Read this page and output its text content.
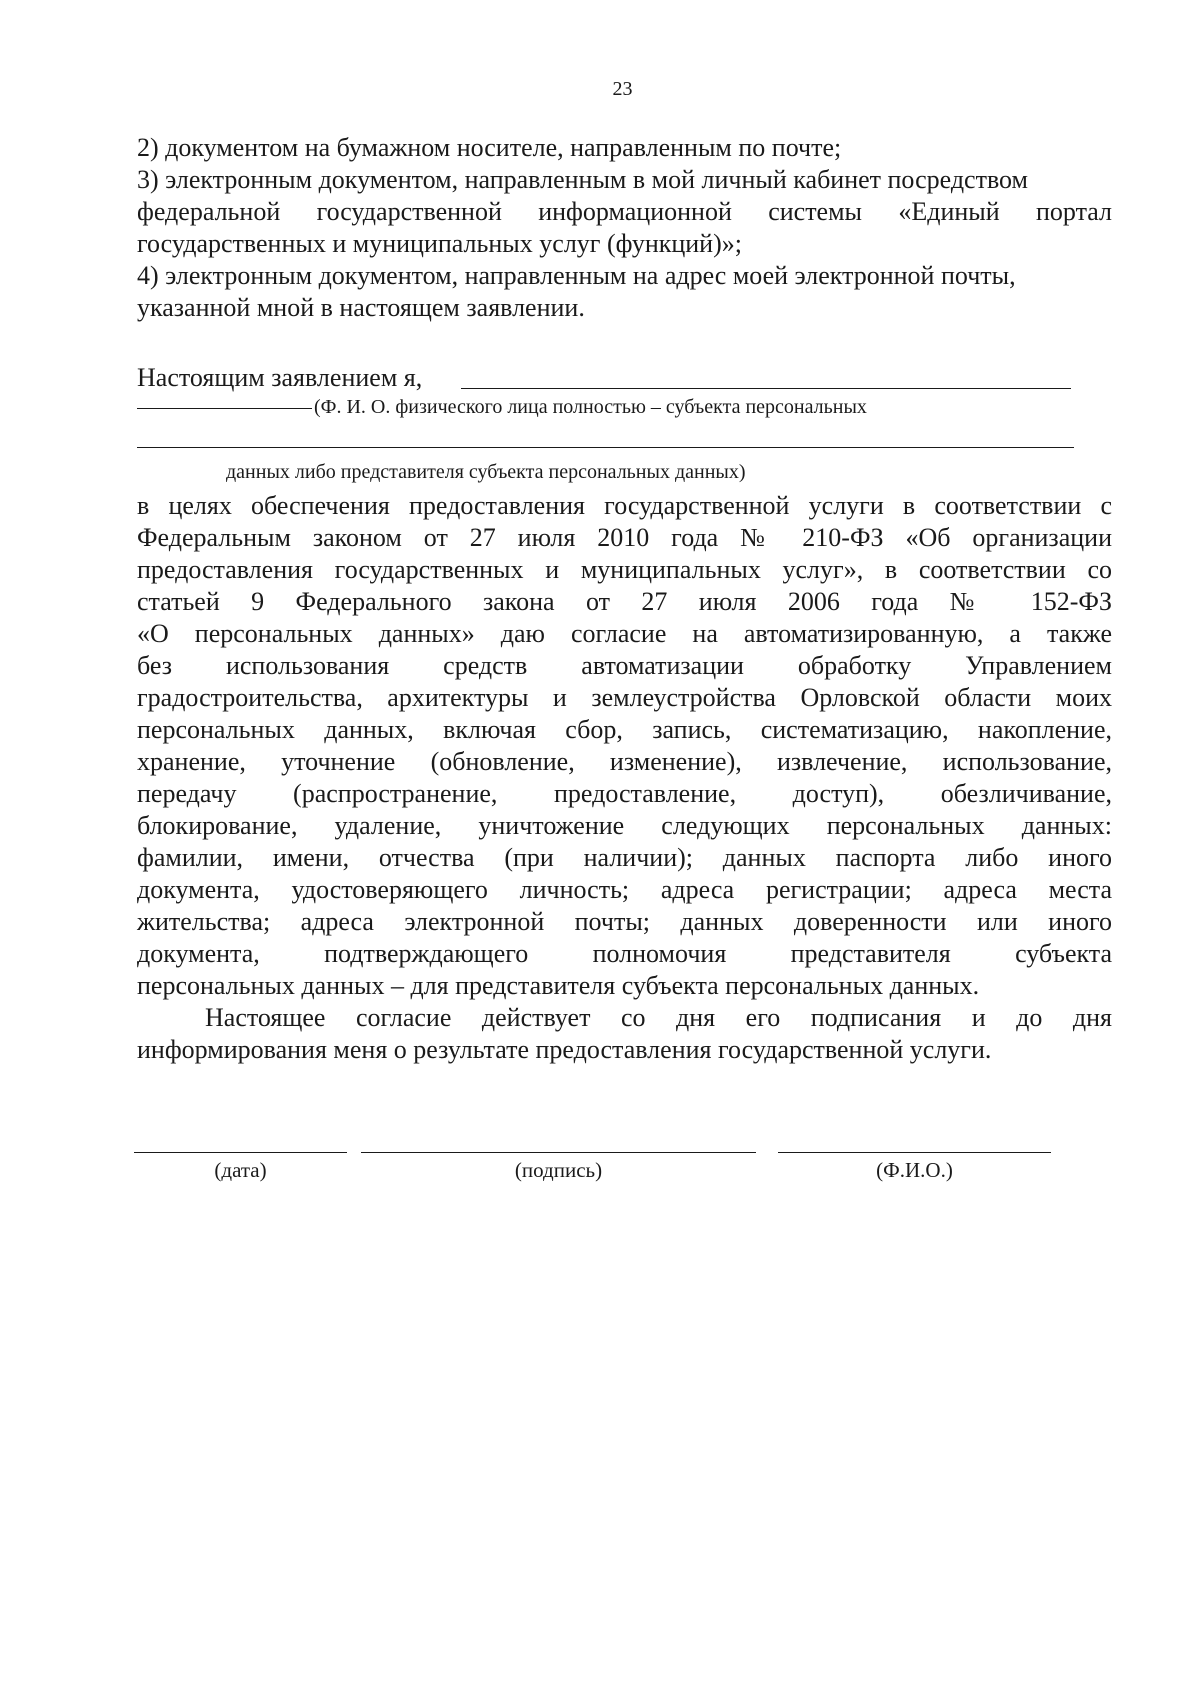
23
2) документом на бумажном носителе, направленным по почте;
3) электронным документом, направленным в мой личный кабинет посредством
федеральной государственной информационной системы «Единый портал
государственных и муниципальных услуг (функций)»;
4) электронным документом, направленным на адрес моей электронной почты,
указанной мной в настоящем заявлении.
Настоящим заявлением я,
(Ф. И. О. физического лица полностью – субъекта персональных
данных либо представителя субъекта персональных данных)
в целях обеспечения предоставления государственной услуги в соответствии с
Федеральным законом от 27 июля 2010 года № 210-ФЗ «Об организации
предоставления государственных и муниципальных услуг», в соответствии со
статьей 9 Федерального закона от 27 июля 2006 года № 152-ФЗ
«О персональных данных» даю согласие на автоматизированную, а также
без использования средств автоматизации обработку Управлением
градостроительства, архитектуры и землеустройства Орловской области моих
персональных данных, включая сбор, запись, систематизацию, накопление,
хранение, уточнение (обновление, изменение), извлечение, использование,
передачу (распространение, предоставление, доступ), обезличивание,
блокирование, удаление, уничтожение следующих персональных данных:
фамилии, имени, отчества (при наличии); данных паспорта либо иного
документа, удостоверяющего личность; адреса регистрации; адреса места
жительства; адреса электронной почты; данных доверенности или иного
документа, подтверждающего полномочия представителя субъекта
персональных данных – для представителя субъекта персональных данных.
Настоящее согласие действует со дня его подписания и до дня
информирования меня о результате предоставления государственной услуги.
(дата)	(подпись)	(Ф.И.О.)
